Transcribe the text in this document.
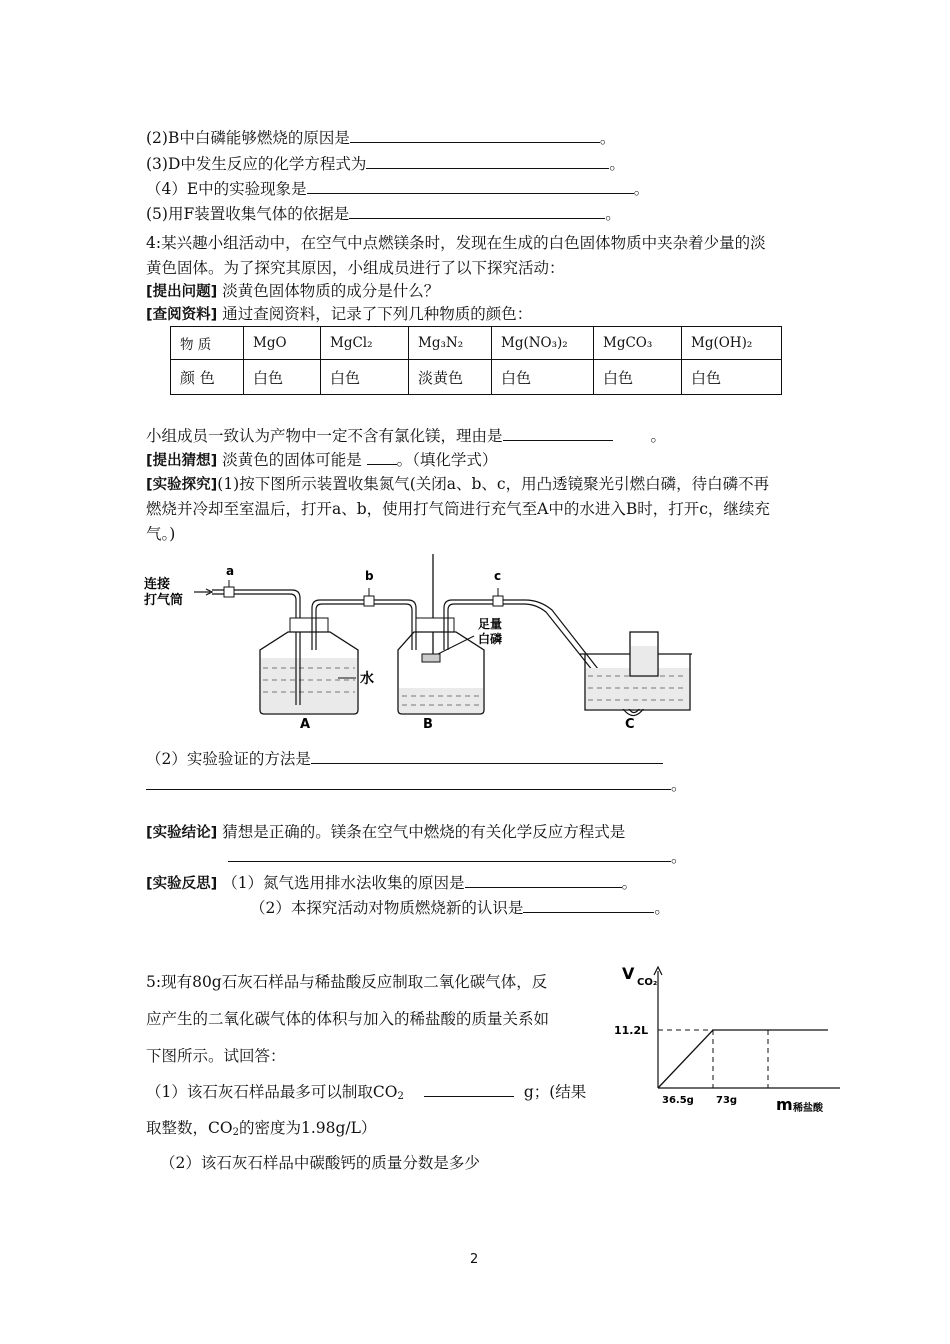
(2)B中白磷能够燃烧的原因是	。
(3)D中发生反应的化学方程式为	。
（4）E中的实验现象是	。
(5)用F装置收集气体的依据是	。
4:某兴趣小组活动中，在空气中点燃镁条时，发现在生成的白色固体物质中夹杂着少量的淡
黄色固体。为了探究其原因，小组成员进行了以下探究活动：
[提出问题] 淡黄色固体物质的成分是什么？
[查阅资料] 通过查阅资料，记录了下列几种物质的颜色：
物 质	MgO	MgCl₂	Mg₃N₂	Mg(NO₃)₂	MgCO₃	Mg(OH)₂
颜 色	白色	白色	淡黄色	白色	白色	白色
小组成员一致认为产物中一定不含有氯化镁，理由是	。
[提出猜想] 淡黄色的固体可能是 。（填化学式）
[实验探究](1)按下图所示装置收集氮气(关闭a、b、c，用凸透镜聚光引燃白磷，待白磷不再
燃烧并冷却至室温后，打开a、b，使用打气筒进行充气至A中的水进入B时，打开c，继续充
气。)
连接
打气筒
a	b
水
A
足量
白磷
B
c
C
（2）实验验证的方法是
。
[实验结论] 猜想是正确的。镁条在空气中燃烧的有关化学反应方程式是
。
[实验反思] （1）氮气选用排水法收集的原因是	。
（2）本探究活动对物质燃烧新的认识是	。
5:现有80g石灰石样品与稀盐酸反应制取二氧化碳气体，反
应产生的二氧化碳气体的体积与加入的稀盐酸的质量关系如
下图所示。试回答：
（1）该石灰石样品最多可以制取$CO_2$	g；(结果
取整数，$CO_2$的密度为1.98g/L）
（2）该石灰石样品中碳酸钙的质量分数是多少
V CO₂
m 稀盐酸
11.2L
36.5g 73g
2
